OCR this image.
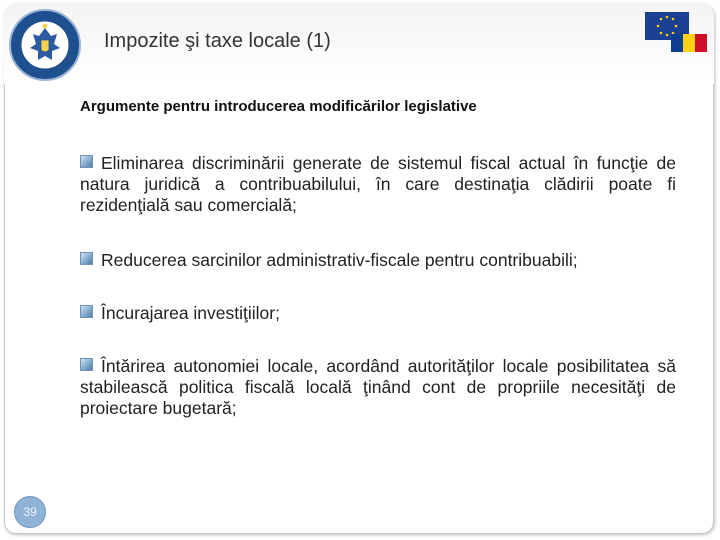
Impozite şi taxe locale (1)
Argumente pentru introducerea modificărilor legislative
Eliminarea discriminării generate de sistemul fiscal actual în funcţie de natura juridică a contribuabilului, în care destinaţia clădirii poate fi rezidenţială sau comercială;
Reducerea sarcinilor administrativ-fiscale pentru contribuabili;
Încurajarea investiţiilor;
Întărirea autonomiei locale, acordând autorităţilor locale posibilitatea să stabilească politica fiscală locală ţinând cont de propriile necesităţi de proiectare bugetară;
39
